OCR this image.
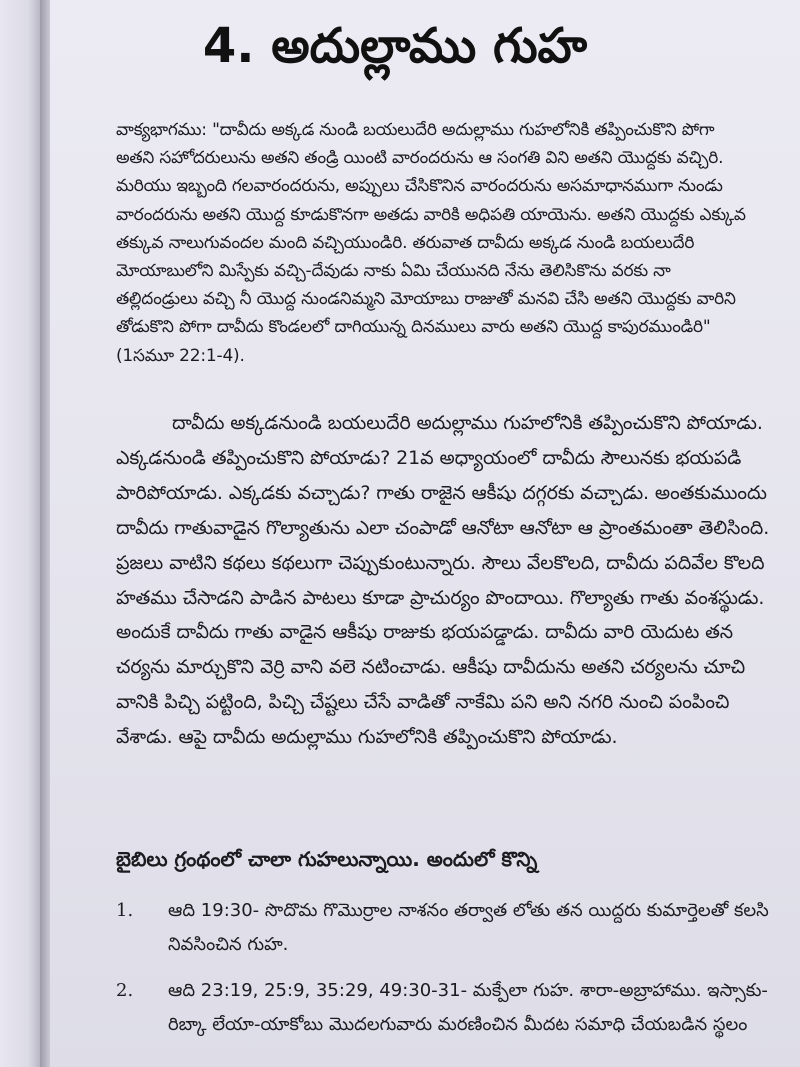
4. అదుల్లాము గుహ

వాక్యభాగము: "దావీదు అక్కడ నుండి బయలుదేరి అదుల్లాము గుహలోనికి తప్పించుకొని పోగా అతని సహోదరులును అతని తండ్రి యింటి వారందరును ఆ సంగతి విని అతని యొద్దకు వచ్చిరి. మరియు ఇబ్బంది గలవారందరును, అప్పులు చేసికొనిన వారందరును అసమాధానముగా నుండు వారందరును అతని యొద్ద కూడుకొనగా అతడు వారికి అధిపతి యాయెను. అతని యొద్దకు ఎక్కువ తక్కువ నాలుగువందల మంది వచ్చియుండిరి. తరువాత దావీదు అక్కడ నుండి బయలుదేరి మోయాబులోని మిస్పేకు వచ్చి-దేవుడు నాకు ఏమి చేయునది నేను తెలిసికొను వరకు నా తల్లిదండ్రులు వచ్చి నీ యొద్ద నుండనిమ్మని మోయాబు రాజుతో మనవి చేసి అతని యొద్దకు వారిని తోడుకొని పోగా దావీదు కొండలలో దాగియున్న దినములు వారు అతని యొద్ద కాపురముండిరి" (1సమూ 22:1-4).

దావీదు అక్కడనుండి బయలుదేరి అదుల్లాము గుహలోనికి తప్పించుకొని పోయాడు. ఎక్కడనుండి తప్పించుకొని పోయాడు? 21వ అధ్యాయంలో దావీదు సౌలునకు భయపడి పారిపోయాడు. ఎక్కడకు వచ్చాడు? గాతు రాజైన ఆకీషు దగ్గరకు వచ్చాడు. అంతకుముందు దావీదు గాతువాడైన గొల్యాతును ఎలా చంపాడో ఆనోటా ఆనోటా ఆ ప్రాంతమంతా తెలిసింది. ప్రజలు వాటిని కథలు కథలుగా చెప్పుకుంటున్నారు. సౌలు వేలకొలది, దావీదు పదివేల కొలది హతము చేసాడని పాడిన పాటలు కూడా ప్రాచుర్యం పొందాయి. గొల్యాతు గాతు వంశస్థుడు. అందుకే దావీదు గాతు వాడైన ఆకీషు రాజుకు భయపడ్డాడు. దావీదు వారి యెదుట తన చర్యను మార్చుకొని వెర్రి వాని వలె నటించాడు. ఆకీషు దావీదును అతని చర్యలను చూచి వానికి పిచ్చి పట్టింది, పిచ్చి చేష్టలు చేసే వాడితో నాకేమి పని అని నగరి నుంచి పంపించి వేశాడు. ఆపై దావీదు అదుల్లాము గుహలోనికి తప్పించుకొని పోయాడు.

బైబిలు గ్రంథంలో చాలా గుహలున్నాయి. అందులో కొన్ని
1.	ఆది 19:30- సొదొమ గొమొర్రాల నాశనం తర్వాత లోతు తన యిద్దరు కుమార్తెలతో కలసి నివసించిన గుహ.
2.	ఆది 23:19, 25:9, 35:29, 49:30-31- మక్పేలా గుహ. శారా-అబ్రాహాము. ఇస్సాకు-రిబ్కా లేయా-యాకోబు మొదలగువారు మరణించిన మీదట సమాధి చేయబడిన స్థలం
